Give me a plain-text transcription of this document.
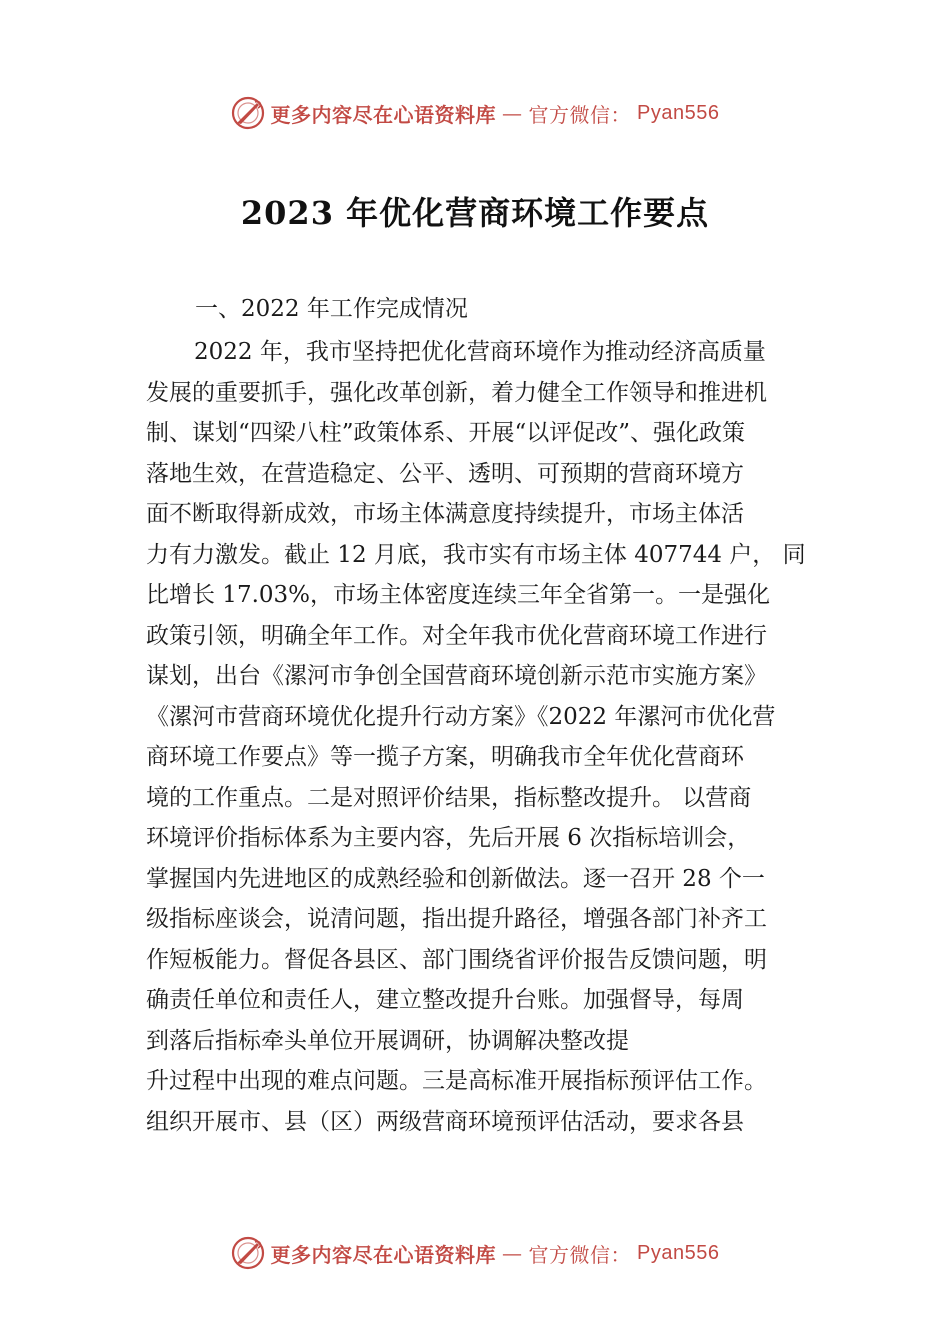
更多内容尽在心语资料库 — 官方微信： Pyan556
2023 年优化营商环境工作要点
一、2022 年工作完成情况
2022 年，我市坚持把优化营商环境作为推动经济高质量
发展的重要抓手，强化改革创新，着力健全工作领导和推进机
制、谋划“四梁八柱”政策体系、开展“以评促改”、强化政策
落地生效，在营造稳定、公平、透明、可预期的营商环境方
面不断取得新成效，市场主体满意度持续提升，市场主体活
力有力激发。截止 12 月底，我市实有市场主体 407744 户， 同
比增长 17.03%，市场主体密度连续三年全省第一。一是强化
政策引领，明确全年工作。对全年我市优化营商环境工作进行
谋划，出台《漯河市争创全国营商环境创新示范市实施方案》
《漯河市营商环境优化提升行动方案》《2022 年漯河市优化营
商环境工作要点》等一揽子方案，明确我市全年优化营商环
境的工作重点。二是对照评价结果，指标整改提升。 以营商
环境评价指标体系为主要内容，先后开展 6 次指标培训会，
掌握国内先进地区的成熟经验和创新做法。逐一召开 28 个一
级指标座谈会，说清问题，指出提升路径，增强各部门补齐工
作短板能力。督促各县区、部门围绕省评价报告反馈问题，明
确责任单位和责任人，建立整改提升台账。加强督导，每周
到落后指标牵头单位开展调研，协调解决整改提
升过程中出现的难点问题。三是高标准开展指标预评估工作。
组织开展市、县（区）两级营商环境预评估活动，要求各县
更多内容尽在心语资料库 — 官方微信： Pyan556
